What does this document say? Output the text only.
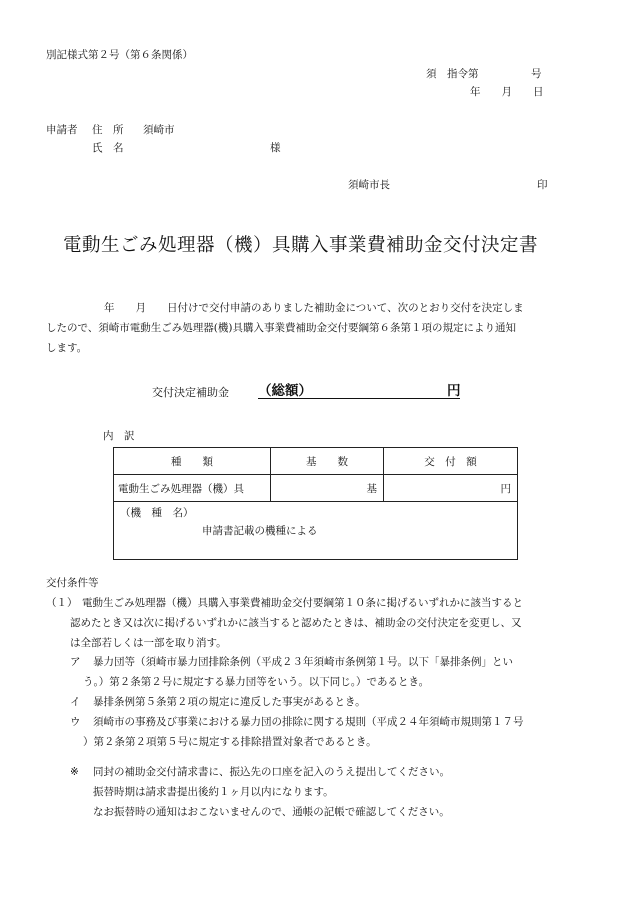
別記様式第２号（第６条関係）
須　指令第　　　　　号
年　　月　　日
申請者 住　所 須崎市
氏　名	様
須崎市長	印
電動生ごみ処理器（機）具購入事業費補助金交付決定書
年　　月　　日付けで交付申請のありました補助金について、次のとおり交付を決定しま
したので、須崎市電動生ごみ処理器(機)具購入事業費補助金交付要綱第６条第１項の規定により通知
します。
交付決定補助金 （総額）	円
内　訳
種　　類	基　　数	交　付　額
電動生ごみ処理器（機）具	基	円

（機　種　名）
申請書記載の機種による		
交付条件等
（１） 電動生ごみ処理器（機）具購入事業費補助金交付要綱第１０条に掲げるいずれかに該当すると
認めたとき又は次に掲げるいずれかに該当すると認めたときは、補助金の交付決定を変更し、又
は全部若しくは一部を取り消す。
ア	暴力団等（須崎市暴力団排除条例（平成２３年須崎市条例第１号。以下「暴排条例」とい
う。）第２条第２号に規定する暴力団等をいう。以下同じ。）であるとき。
イ	暴排条例第５条第２項の規定に違反した事実があるとき。
ウ	須崎市の事務及び事業における暴力団の排除に関する規則（平成２４年須崎市規則第１７号
）第２条第２項第５号に規定する排除措置対象者であるとき。
※	同封の補助金交付請求書に、振込先の口座を記入のうえ提出してください。
振替時期は請求書提出後約１ヶ月以内になります。
なお振替時の通知はおこないませんので、通帳の記帳で確認してください。
